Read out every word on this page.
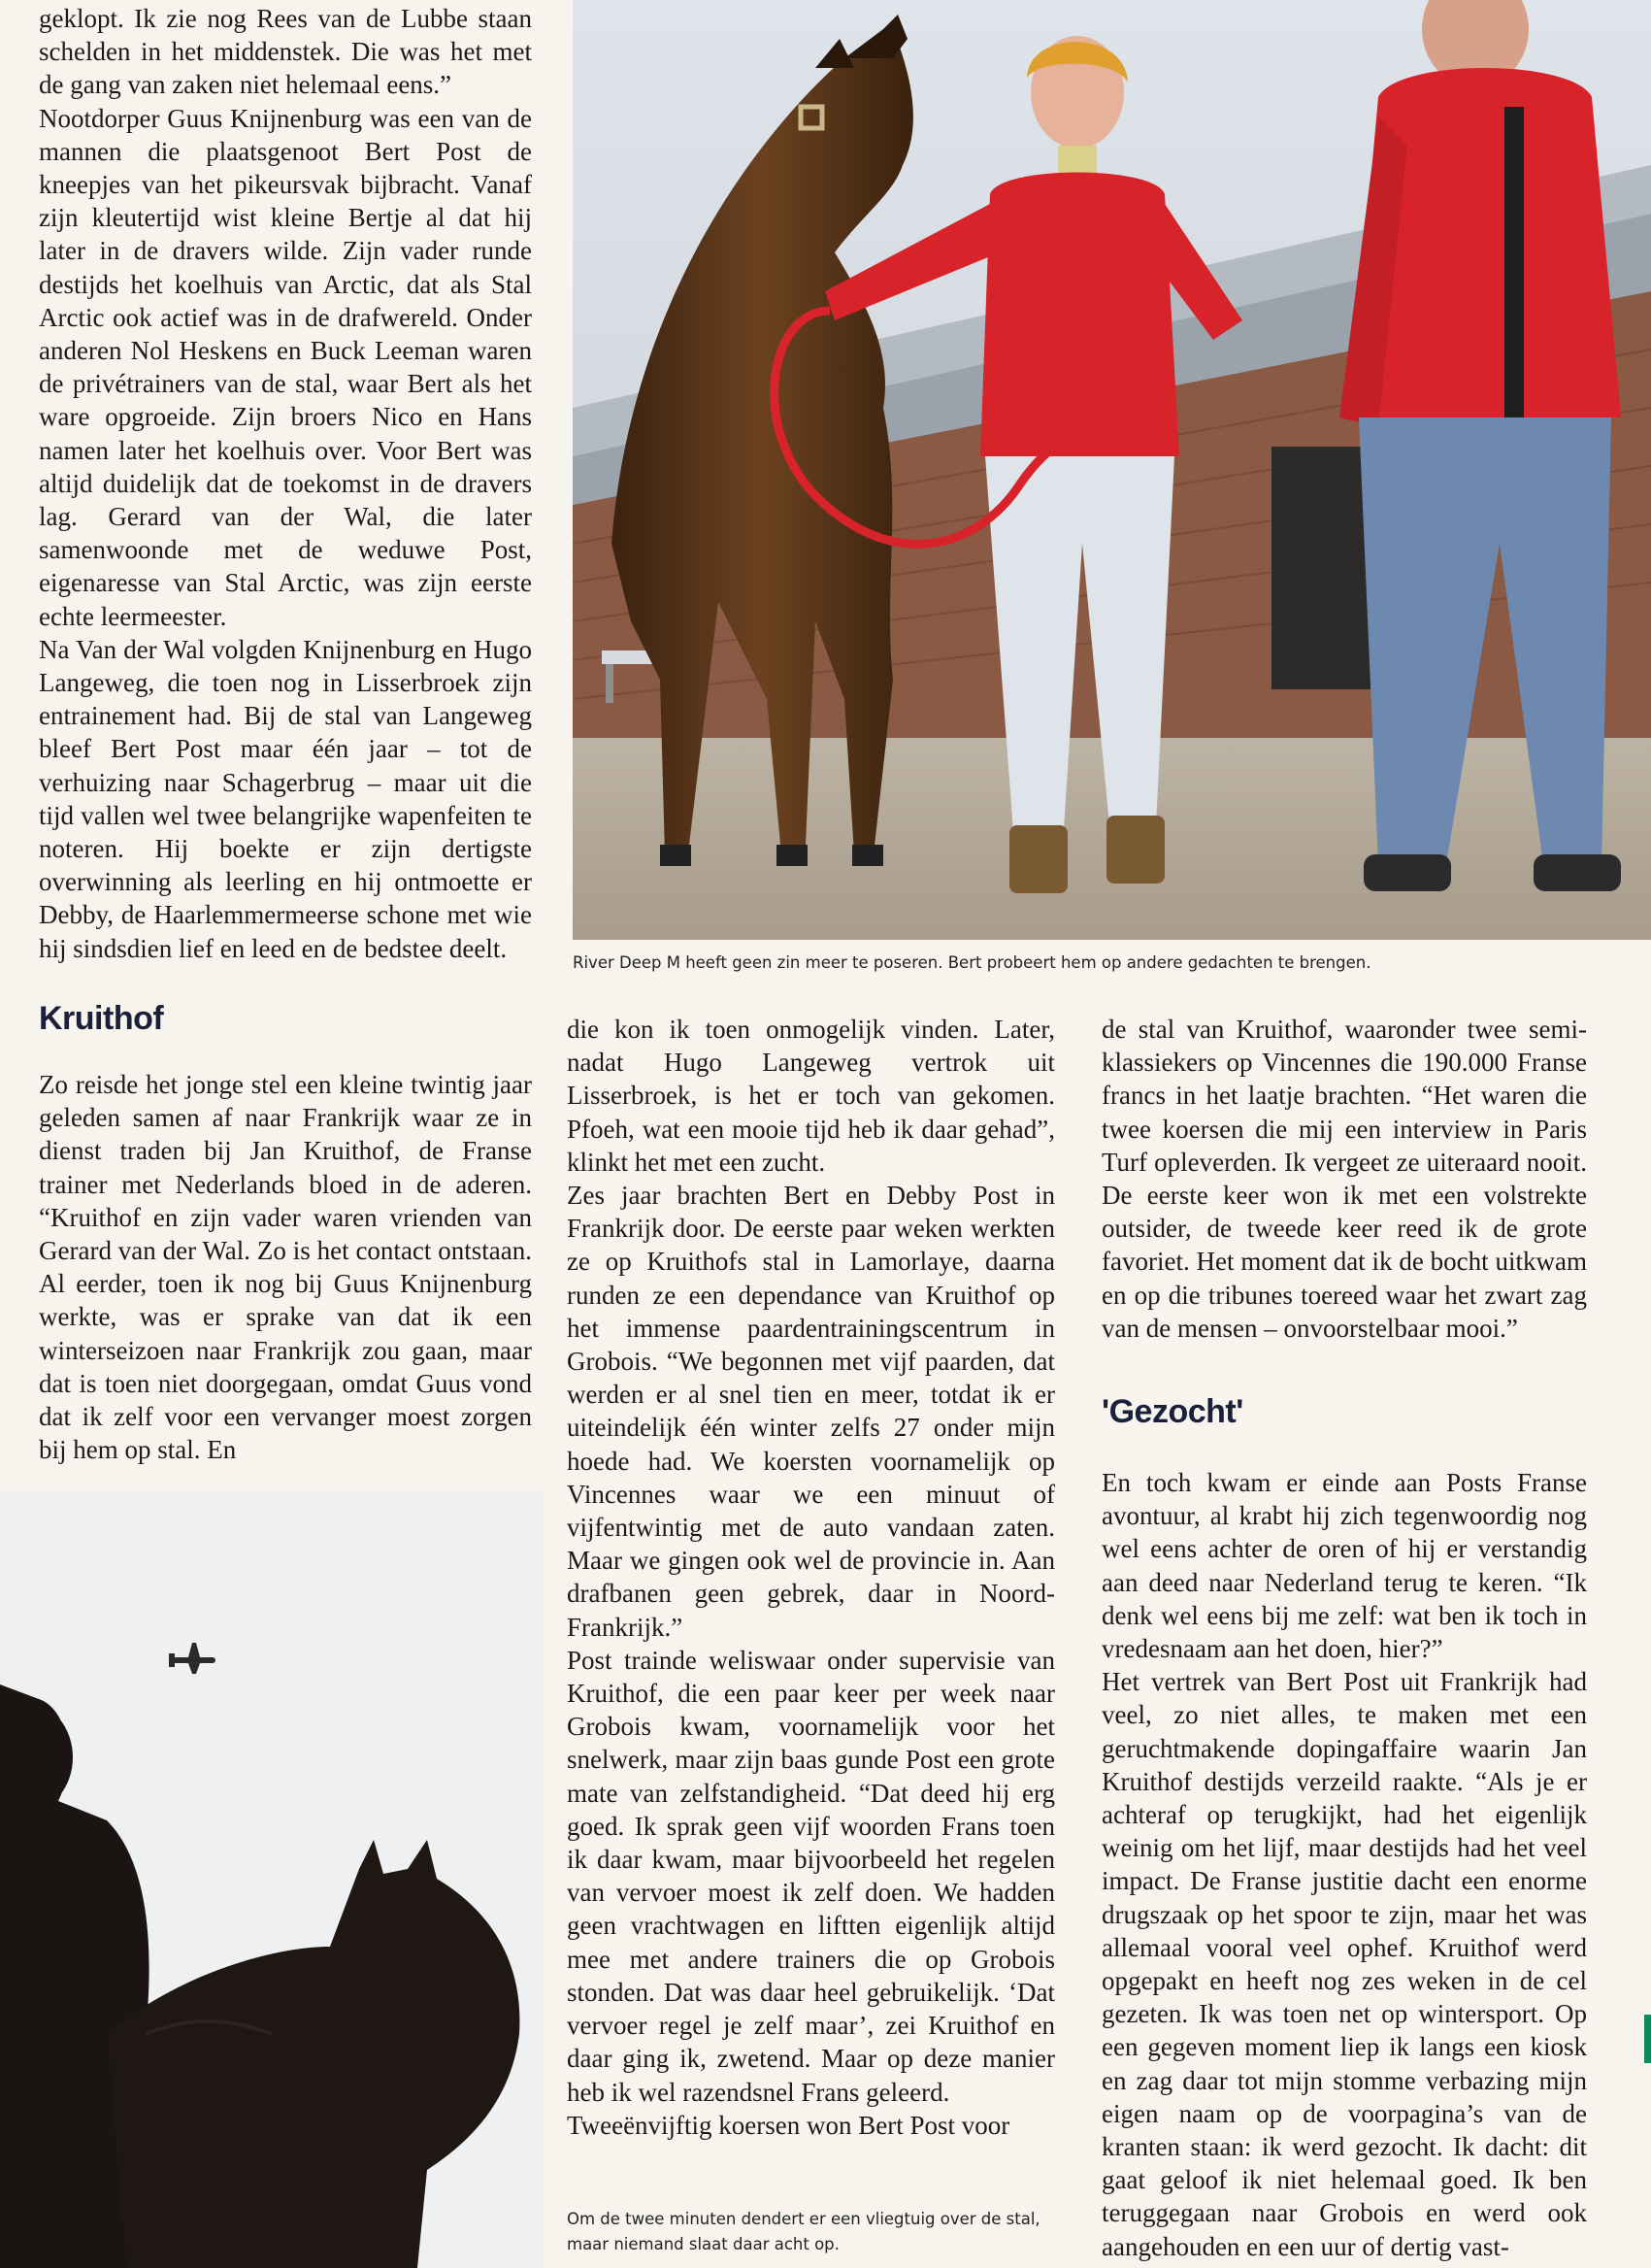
River Deep M heeft geen zin meer te poseren. Bert probeert hem op andere gedachten te brengen.

geklopt. Ik zie nog Rees van de Lubbe staan schelden in het middenstek. Die was het met de gang van zaken niet helemaal eens.”

Nootdorper Guus Knijnenburg was een van de mannen die plaatsgenoot Bert Post de kneepjes van het pikeursvak bijbracht. Vanaf zijn kleutertijd wist kleine Bertje al dat hij later in de dravers wilde. Zijn vader runde destijds het koelhuis van Arctic, dat als Stal Arctic ook actief was in de drafwereld. Onder anderen Nol Heskens en Buck Leeman waren de privétrainers van de stal, waar Bert als het ware opgroeide. Zijn broers Nico en Hans namen later het koelhuis over. Voor Bert was altijd duidelijk dat de toekomst in de dravers lag. Gerard van der Wal, die later samenwoonde met de weduwe Post, eigenaresse van Stal Arctic, was zijn eerste echte leermeester.

Na Van der Wal volgden Knijnenburg en Hugo Langeweg, die toen nog in Lisserbroek zijn entrainement had. Bij de stal van Langeweg bleef Bert Post maar één jaar – tot de verhuizing naar Schagerbrug – maar uit die tijd vallen wel twee belangrijke wapenfeiten te noteren. Hij boekte er zijn dertigste overwinning als leerling en hij ontmoette er Debby, de Haarlemmermeerse schone met wie hij sindsdien lief en leed en de bedstee deelt.

Kruithof

Zo reisde het jonge stel een kleine twintig jaar geleden samen af naar Frankrijk waar ze in dienst traden bij Jan Kruithof, de Franse trainer met Nederlands bloed in de aderen. “Kruithof en zijn vader waren vrienden van Gerard van der Wal. Zo is het contact ontstaan. Al eerder, toen ik nog bij Guus Knijnenburg werkte, was er sprake van dat ik een winterseizoen naar Frankrijk zou gaan, maar dat is toen niet doorgegaan, omdat Guus vond dat ik zelf voor een vervanger moest zorgen bij hem op stal. En

die kon ik toen onmogelijk vinden. Later, nadat Hugo Langeweg vertrok uit Lisserbroek, is het er toch van gekomen. Pfoeh, wat een mooie tijd heb ik daar gehad”, klinkt het met een zucht.

Zes jaar brachten Bert en Debby Post in Frankrijk door. De eerste paar weken werkten ze op Kruithofs stal in Lamorlaye, daarna runden ze een dependance van Kruithof op het immense paardentrainingscentrum in Grobois. “We begonnen met vijf paarden, dat werden er al snel tien en meer, totdat ik er uiteindelijk één winter zelfs 27 onder mijn hoede had. We koersten voornamelijk op Vincennes waar we een minuut of vijfentwintig met de auto vandaan zaten. Maar we gingen ook wel de provincie in. Aan drafbanen geen gebrek, daar in Noord-Frankrijk.”

Post trainde weliswaar onder supervisie van Kruithof, die een paar keer per week naar Grobois kwam, voornamelijk voor het snelwerk, maar zijn baas gunde Post een grote mate van zelfstandigheid. “Dat deed hij erg goed. Ik sprak geen vijf woorden Frans toen ik daar kwam, maar bijvoorbeeld het regelen van vervoer moest ik zelf doen. We hadden geen vrachtwagen en liftten eigenlijk altijd mee met andere trainers die op Grobois stonden. Dat was daar heel gebruikelijk. ‘Dat vervoer regel je zelf maar’, zei Kruithof en daar ging ik, zwetend. Maar op deze manier heb ik wel razendsnel Frans geleerd.

Tweeënvijftig koersen won Bert Post voor

Om de twee minuten dendert er een vliegtuig over de stal,
maar niemand slaat daar acht op.

de stal van Kruithof, waaronder twee semi-klassiekers op Vincennes die 190.000 Franse francs in het laatje brachten. “Het waren die twee koersen die mij een interview in Paris Turf opleverden. Ik vergeet ze uiteraard nooit. De eerste keer won ik met een volstrekte outsider, de tweede keer reed ik de grote favoriet. Het moment dat ik de bocht uitkwam en op die tribunes toereed waar het zwart zag van de mensen – onvoorstelbaar mooi.”

'Gezocht'

En toch kwam er einde aan Posts Franse avontuur, al krabt hij zich tegenwoordig nog wel eens achter de oren of hij er verstandig aan deed naar Nederland terug te keren. “Ik denk wel eens bij me zelf: wat ben ik toch in vredesnaam aan het doen, hier?”

Het vertrek van Bert Post uit Frankrijk had veel, zo niet alles, te maken met een geruchtmakende dopingaffaire waarin Jan Kruithof destijds verzeild raakte. “Als je er achteraf op terugkijkt, had het eigenlijk weinig om het lijf, maar destijds had het veel impact. De Franse justitie dacht een enorme drugszaak op het spoor te zijn, maar het was allemaal vooral veel ophef. Kruithof werd opgepakt en heeft nog zes weken in de cel gezeten. Ik was toen net op wintersport. Op een gegeven moment liep ik langs een kiosk en zag daar tot mijn stomme verbazing mijn eigen naam op de voorpagina’s van de kranten staan: ik werd gezocht. Ik dacht: dit gaat geloof ik niet helemaal goed. Ik ben teruggegaan naar Grobois en werd ook aangehouden en een uur of dertig vast-
